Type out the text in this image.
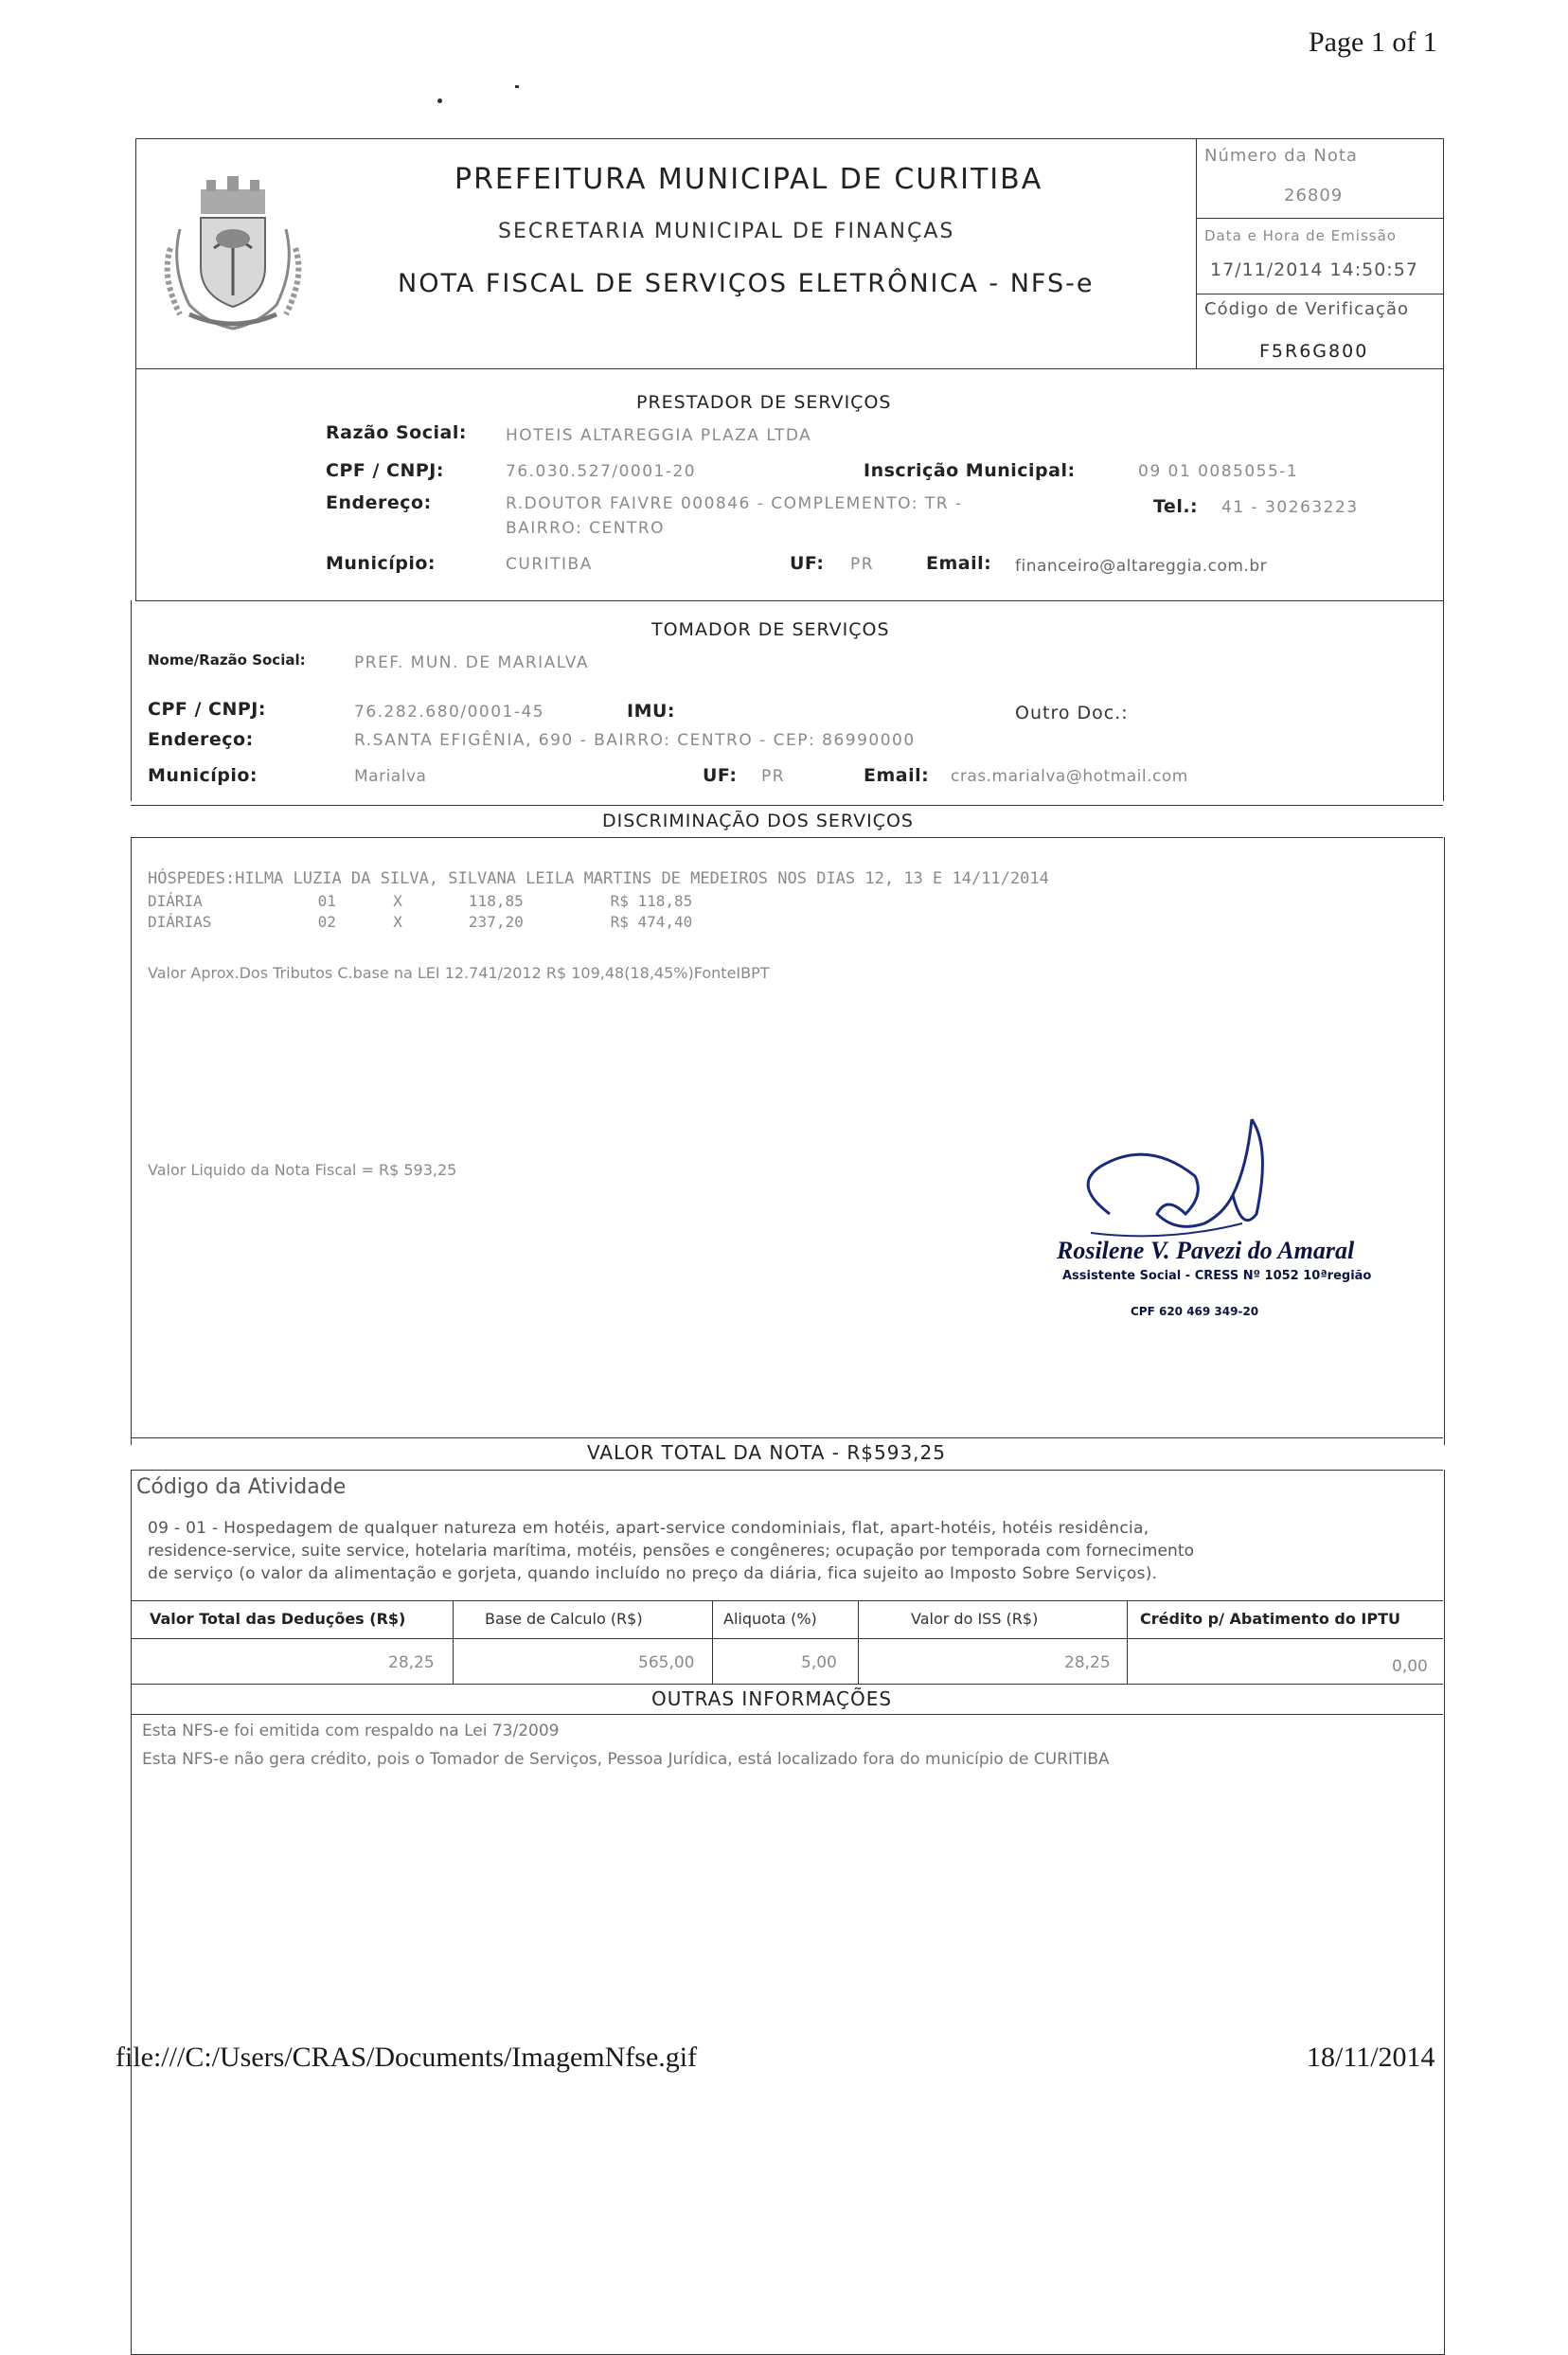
Page 1 of 1
PREFEITURA MUNICIPAL DE CURITIBA
SECRETARIA MUNICIPAL DE FINANÇAS
NOTA FISCAL DE SERVIÇOS ELETRÔNICA - NFS-e
Número da Nota
26809
Data e Hora de Emissão
17/11/2014 14:50:57
Código de Verificação
F5R6G800
PRESTADOR DE SERVIÇOS
Razão Social: HOTEIS ALTAREGGIA PLAZA LTDA
CPF / CNPJ:	76.030.527/0001-20	Inscrição Municipal:	09 01 0085055-1
Endereço:	R.DOUTOR FAIVRE 000846 - COMPLEMENTO: TR -
BAIRRO: CENTRO
Tel.: 41 - 30263223
Município:	CURITIBA	UF: PR	Email: financeiro@altareggia.com.br
TOMADOR DE SERVIÇOS
Nome/Razão Social:	PREF. MUN. DE MARIALVA
CPF / CNPJ:	76.282.680/0001-45	IMU:	Outro Doc.:
Endereço:	R.SANTA EFIGÊNIA, 690 - BAIRRO: CENTRO - CEP: 86990000
Município:	Marialva	UF: PR	Email: cras.marialva@hotmail.com
DISCRIMINAÇÃO DOS SERVIÇOS
HÓSPEDES:HILMA LUZIA DA SILVA, SILVANA LEILA MARTINS DE MEDEIROS NOS DIAS 12, 13 E 14/11/2014
DIÁRIA	01	X	118,85	R$ 118,85
DIÁRIAS	02	X	237,20	R$ 474,40
Valor Aprox.Dos Tributos C.base na LEI 12.741/2012 R$ 109,48(18,45%)FonteIBPT
Valor Liquido da Nota Fiscal = R$ 593,25
Rosilene V. Pavezi do Amaral
Assistente Social - CRESS Nº 1052 10ªregião
CPF 620 469 349-20
VALOR TOTAL DA NOTA - R$593,25
Código da Atividade
09 - 01 - Hospedagem de qualquer natureza em hotéis, apart-service condominiais, flat, apart-hotéis, hotéis residência,
residence-service, suite service, hotelaria marítima, motéis, pensões e congêneres; ocupação por temporada com fornecimento
de serviço (o valor da alimentação e gorjeta, quando incluído no preço da diária, fica sujeito ao Imposto Sobre Serviços).
Valor Total das Deduções (R$)	Base de Calculo (R$)	Aliquota (%)	Valor do ISS (R$)	Crédito p/ Abatimento do IPTU
28,25	565,00	5,00	28,25	0,00
OUTRAS INFORMAÇÕES
Esta NFS-e foi emitida com respaldo na Lei 73/2009
Esta NFS-e não gera crédito, pois o Tomador de Serviços, Pessoa Jurídica, está localizado fora do município de CURITIBA
file:///C:/Users/CRAS/Documents/ImagemNfse.gif	18/11/2014
